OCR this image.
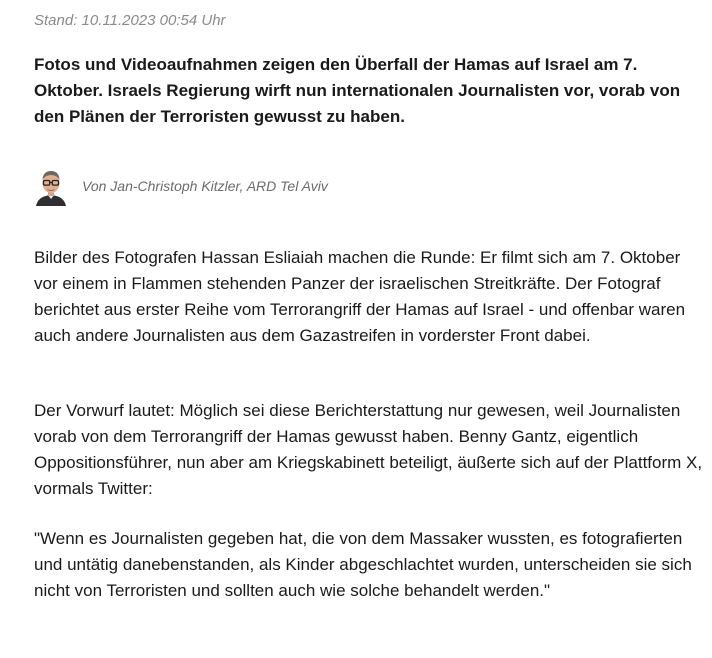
Stand: 10.11.2023 00:54 Uhr
Fotos und Videoaufnahmen zeigen den Überfall der Hamas auf Israel am 7. Oktober. Israels Regierung wirft nun internationalen Journalisten vor, vorab von den Plänen der Terroristen gewusst zu haben.
Von Jan-Christoph Kitzler, ARD Tel Aviv

Bilder des Fotografen Hassan Esliaiah machen die Runde: Er filmt sich am 7. Oktober vor einem in Flammen stehenden Panzer der israelischen Streitkräfte. Der Fotograf berichtet aus erster Reihe vom Terrorangriff der Hamas auf Israel - und offenbar waren auch andere Journalisten aus dem Gazastreifen in vorderster Front dabei.

Der Vorwurf lautet: Möglich sei diese Berichterstattung nur gewesen, weil Journalisten vorab von dem Terrorangriff der Hamas gewusst haben. Benny Gantz, eigentlich Oppositionsführer, nun aber am Kriegskabinett beteiligt, äußerte sich auf der Plattform X, vormals Twitter:

"Wenn es Journalisten gegeben hat, die von dem Massaker wussten, es fotografierten und untätig danebenstanden, als Kinder abgeschlachtet wurden, unterscheiden sie sich nicht von Terroristen und sollten auch wie solche behandelt werden."
